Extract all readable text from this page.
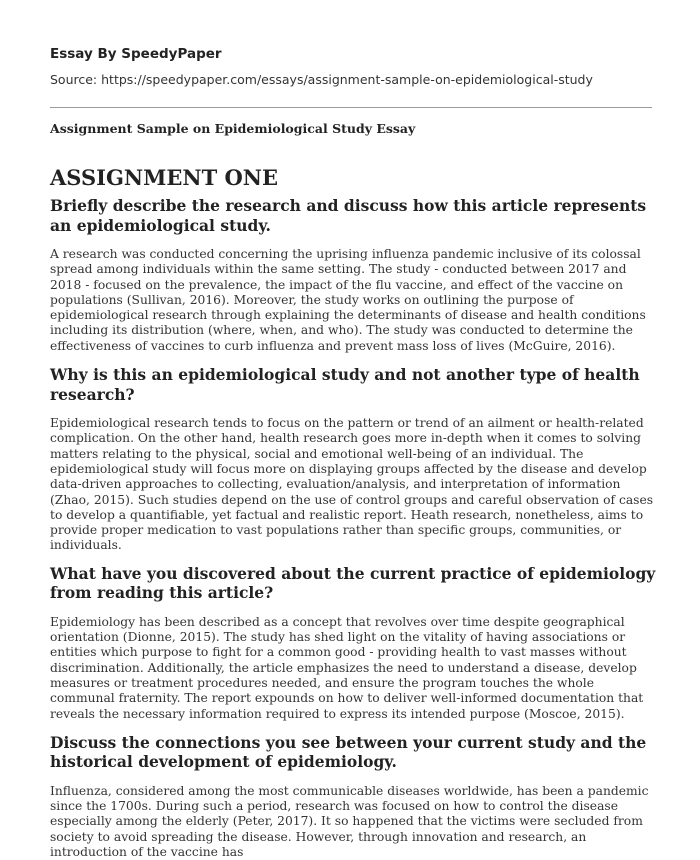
Essay By SpeedyPaper

Source: https://speedypaper.com/essays/assignment-sample-on-epidemiological-study

Assignment Sample on Epidemiological Study Essay

ASSIGNMENT ONE
Briefly describe the research and discuss how this article represents an epidemiological study.

A research was conducted concerning the uprising influenza pandemic inclusive of its colossal spread among individuals within the same setting. The study - conducted between 2017 and 2018 - focused on the prevalence, the impact of the flu vaccine, and effect of the vaccine on populations (Sullivan, 2016). Moreover, the study works on outlining the purpose of epidemiological research through explaining the determinants of disease and health conditions including its distribution (where, when, and who). The study was conducted to determine the effectiveness of vaccines to curb influenza and prevent mass loss of lives (McGuire, 2016).

Why is this an epidemiological study and not another type of health research?

Epidemiological research tends to focus on the pattern or trend of an ailment or health-related complication. On the other hand, health research goes more in-depth when it comes to solving matters relating to the physical, social and emotional well-being of an individual. The epidemiological study will focus more on displaying groups affected by the disease and develop data-driven approaches to collecting, evaluation/analysis, and interpretation of information (Zhao, 2015). Such studies depend on the use of control groups and careful observation of cases to develop a quantifiable, yet factual and realistic report. Heath research, nonetheless, aims to provide proper medication to vast populations rather than specific groups, communities, or individuals.

What have you discovered about the current practice of epidemiology from reading this article?

Epidemiology has been described as a concept that revolves over time despite geographical orientation (Dionne, 2015). The study has shed light on the vitality of having associations or entities which purpose to fight for a common good - providing health to vast masses without discrimination. Additionally, the article emphasizes the need to understand a disease, develop measures or treatment procedures needed, and ensure the program touches the whole communal fraternity. The report expounds on how to deliver well-informed documentation that reveals the necessary information required to express its intended purpose (Moscoe, 2015).

Discuss the connections you see between your current study and the historical development of epidemiology.

Influenza, considered among the most communicable diseases worldwide, has been a pandemic since the 1700s. During such a period, research was focused on how to control the disease especially among the elderly (Peter, 2017). It so happened that the victims were secluded from society to avoid spreading the disease. However, through innovation and research, an introduction of the vaccine has
